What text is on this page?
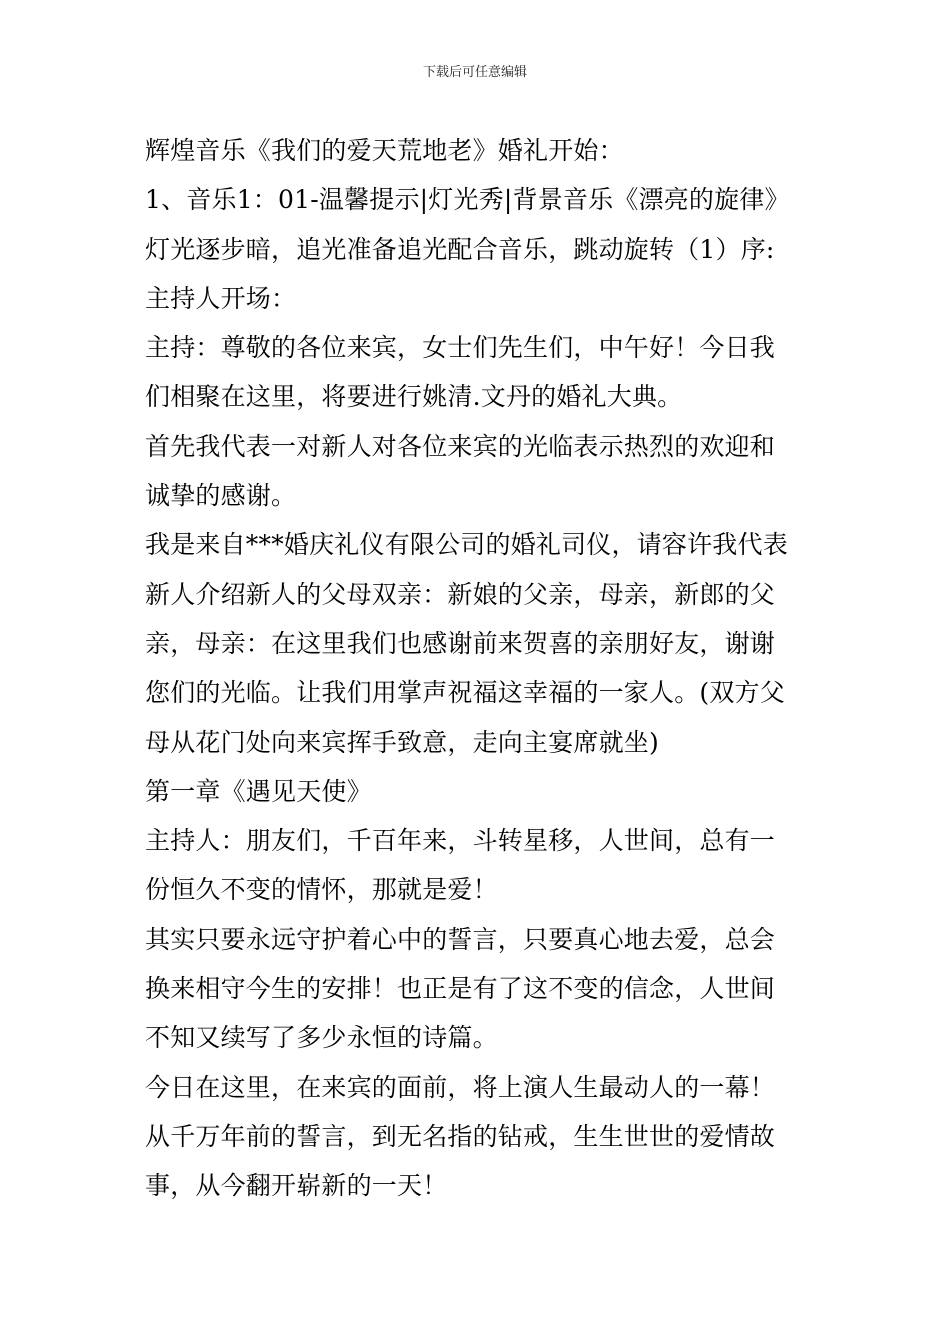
下载后可任意编辑
辉煌音乐《我们的爱天荒地老》婚礼开始：
1、音乐1：01-温馨提示|灯光秀|背景音乐《漂亮的旋律》
灯光逐步暗，追光准备追光配合音乐，跳动旋转（1）序:
主持人开场：
主持：尊敬的各位来宾，女士们先生们，中午好！今日我
们相聚在这里，将要进行姚清.文丹的婚礼大典。
首先我代表一对新人对各位来宾的光临表示热烈的欢迎和
诚挚的感谢。
我是来自***婚庆礼仪有限公司的婚礼司仪，请容许我代表
新人介绍新人的父母双亲：新娘的父亲，母亲，新郎的父
亲，母亲：在这里我们也感谢前来贺喜的亲朋好友，谢谢
您们的光临。让我们用掌声祝福这幸福的一家人。(双方父
母从花门处向来宾挥手致意，走向主宴席就坐)
第一章《遇见天使》
主持人：朋友们，千百年来，斗转星移，人世间，总有一
份恒久不变的情怀，那就是爱！
其实只要永远守护着心中的誓言，只要真心地去爱，总会
换来相守今生的安排！也正是有了这不变的信念，人世间
不知又续写了多少永恒的诗篇。
今日在这里，在来宾的面前，将上演人生最动人的一幕！
从千万年前的誓言，到无名指的钻戒，生生世世的爱情故
事，从今翻开崭新的一天！
